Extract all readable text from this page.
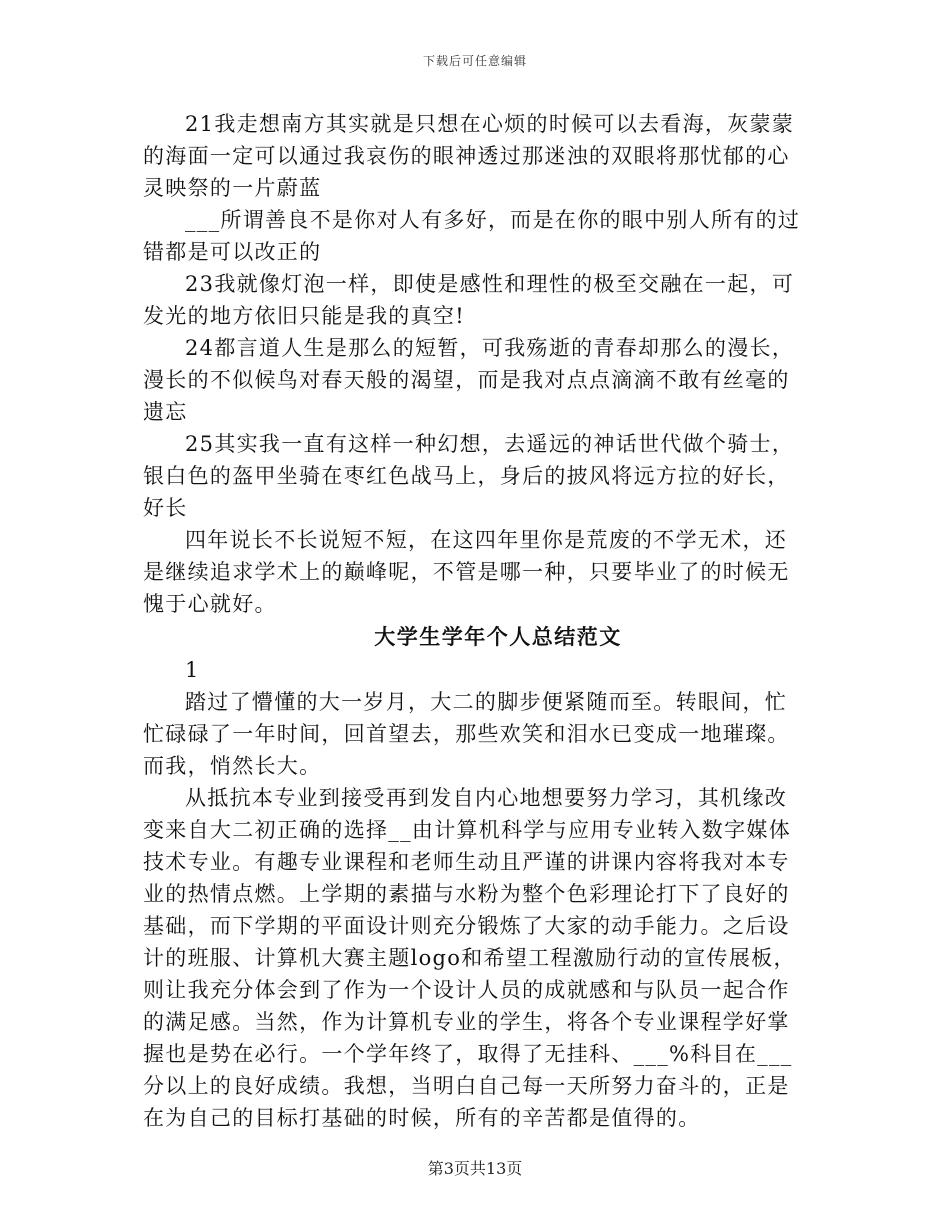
下载后可任意编辑

21我走想南方其实就是只想在心烦的时候可以去看海，灰蒙蒙的海面一定可以通过我哀伤的眼神透过那迷浊的双眼将那忧郁的心灵映祭的一片蔚蓝

___所谓善良不是你对人有多好，而是在你的眼中别人所有的过错都是可以改正的

23我就像灯泡一样，即使是感性和理性的极至交融在一起，可发光的地方依旧只能是我的真空!

24都言道人生是那么的短暂，可我殇逝的青春却那么的漫长，漫长的不似候鸟对春天般的渴望，而是我对点点滴滴不敢有丝毫的遗忘

25其实我一直有这样一种幻想，去遥远的神话世代做个骑士，银白色的盔甲坐骑在枣红色战马上，身后的披风将远方拉的好长，好长

四年说长不长说短不短，在这四年里你是荒废的不学无术，还是继续追求学术上的巅峰呢，不管是哪一种，只要毕业了的时候无愧于心就好。

大学生学年个人总结范文

1

踏过了懵懂的大一岁月，大二的脚步便紧随而至。转眼间，忙忙碌碌了一年时间，回首望去，那些欢笑和泪水已变成一地璀璨。而我，悄然长大。

从抵抗本专业到接受再到发自内心地想要努力学习，其机缘改变来自大二初正确的选择__由计算机科学与应用专业转入数字媒体技术专业。有趣专业课程和老师生动且严谨的讲课内容将我对本专业的热情点燃。上学期的素描与水粉为整个色彩理论打下了良好的基础，而下学期的平面设计则充分锻炼了大家的动手能力。之后设计的班服、计算机大赛主题logo和希望工程激励行动的宣传展板，则让我充分体会到了作为一个设计人员的成就感和与队员一起合作的满足感。当然，作为计算机专业的学生，将各个专业课程学好掌握也是势在必行。一个学年终了，取得了无挂科、___%科目在___分以上的良好成绩。我想，当明白自己每一天所努力奋斗的，正是在为自己的目标打基础的时候，所有的辛苦都是值得的。

第3页共13页
